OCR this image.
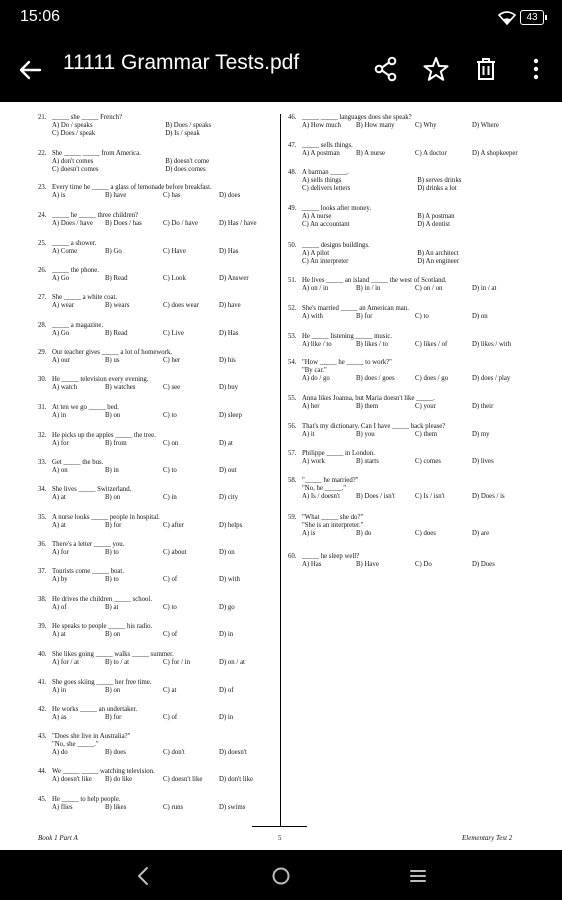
15:06	43
11111 Grammar Tests.pdf
21. _____ she _____ French?
A) Do / speaks	B) Does / speaks
C) Does / speak	D) Is / speak
22. She _____ _____ from America.
A) don't comes	B) doesn't come
C) doesn't comes	D) does comes
23. Every time he _____ a glass of lemonade before breakfast.
A) is	B) have	C) has	D) does
24. _____ he _____ three children?
A) Does / have B) Does / has	C) Do / have	D) Has / have
25. _____ a shower.
A) Come	B) Go	C) Have	D) Has
26. _____ the phone.
A) Go	B) Read	C) Look	D) Answer
27. She _____ a white coat.
A) wear	B) wears	C) does wear	D) have
28. _____ a magazine.
A) Go	B) Read	C) Live	D) Has
29. Our teacher gives _____ a lot of homework.
A) our	B) us	C) her	D) his
30. He _____ television every evening.
A) watch	B) watches	C) see	D) buy
31. At ten we go _____ bed.
A) in	B) on	C) to	D) sleep
32. He picks up the apples _____ the tree.
A) for	B) from	C) on	D) at
33. Get _____ the bus.
A) on	B) in	C) to	D) out
34. She lives _____ Switzerland.
A) at	B) on	C) in	D) city
35. A nurse looks _____ people in hospital.
A) at	B) for	C) after	D) helps
36. There's a letter _____ you.
A) for	B) to	C) about	D) on
37. Tourists come _____ boat.
A) by	B) to	C) of	D) with
38. He drives the children _____ school.
A) of	B) at	C) to	D) go
39. He speaks to people _____ his radio.
A) at	B) on	C) of	D) in
40. She likes going _____ walks _____ summer.
A) for / at	B) to / at	C) for / in	D) on / at
41. She goes skiing _____ her free time.
A) in	B) on	C) at	D) of
42. He works _____ an undertaker.
A) as	B) for	C) of	D) in
43. "Does she live in Australia?"
"No, she _____."
A) do	B) does	C) don't	D) doesn't
44. We _____ _____ watching television.
A) doesn't like B) do like	C) doesn't like D) don't like
45. He _____ to help people.
A) flies	B) likes	C) runs	D) swims
46. _____ _____ languages does she speak?
A) How much B) How many	C) Why	D) Where
47. _____ sells things.
A) A postman B) A nurse	C) A doctor	D) A shopkeeper
48. A barman _____.
A) sells things	B) serves drinks
C) delivers letters	D) drinks a lot
49. _____ looks after money.
A) A nurse	B) A postman
C) An accountant	D) A dentist
50. _____ designs buildings.
A) A pilot	B) An architect
C) An interpreter	D) An engineer
51. He lives _____ an island _____ the west of Scotland.
A) on / in	B) in / in	C) on / on	D) in / at
52. She's married _____ an American man.
A) with	B) for	C) to	D) on
53. He _____ listening _____ music.
A) like / to	B) likes / to	C) likes / of	D) likes / with
54. "How _____ he _____ to work?"
"By car."
A) do / go	B) does / goes	C) does / go	D) does / play
55. Anna likes Joanna, but Maria doesn't like _____.
A) her	B) them	C) your	D) their
56. That's my dictionary. Can I have _____ back please?
A) it	B) you	C) them	D) my
57. Philippe _____ in London.
A) work	B) starts	C) comes	D) lives
58. "_____ he married?"
"No, he _____."
A) Is / doesn't B) Does / isn't	C) Is / isn't	D) Does / is
59. "What _____ she do?"
"She is an interpreter."
A) is	B) do	C) does	D) are
60. _____ he sleep well?
A) Has	B) Have	C) Do	D) Does
Book 1 Part A	5	Elementary Test 2
